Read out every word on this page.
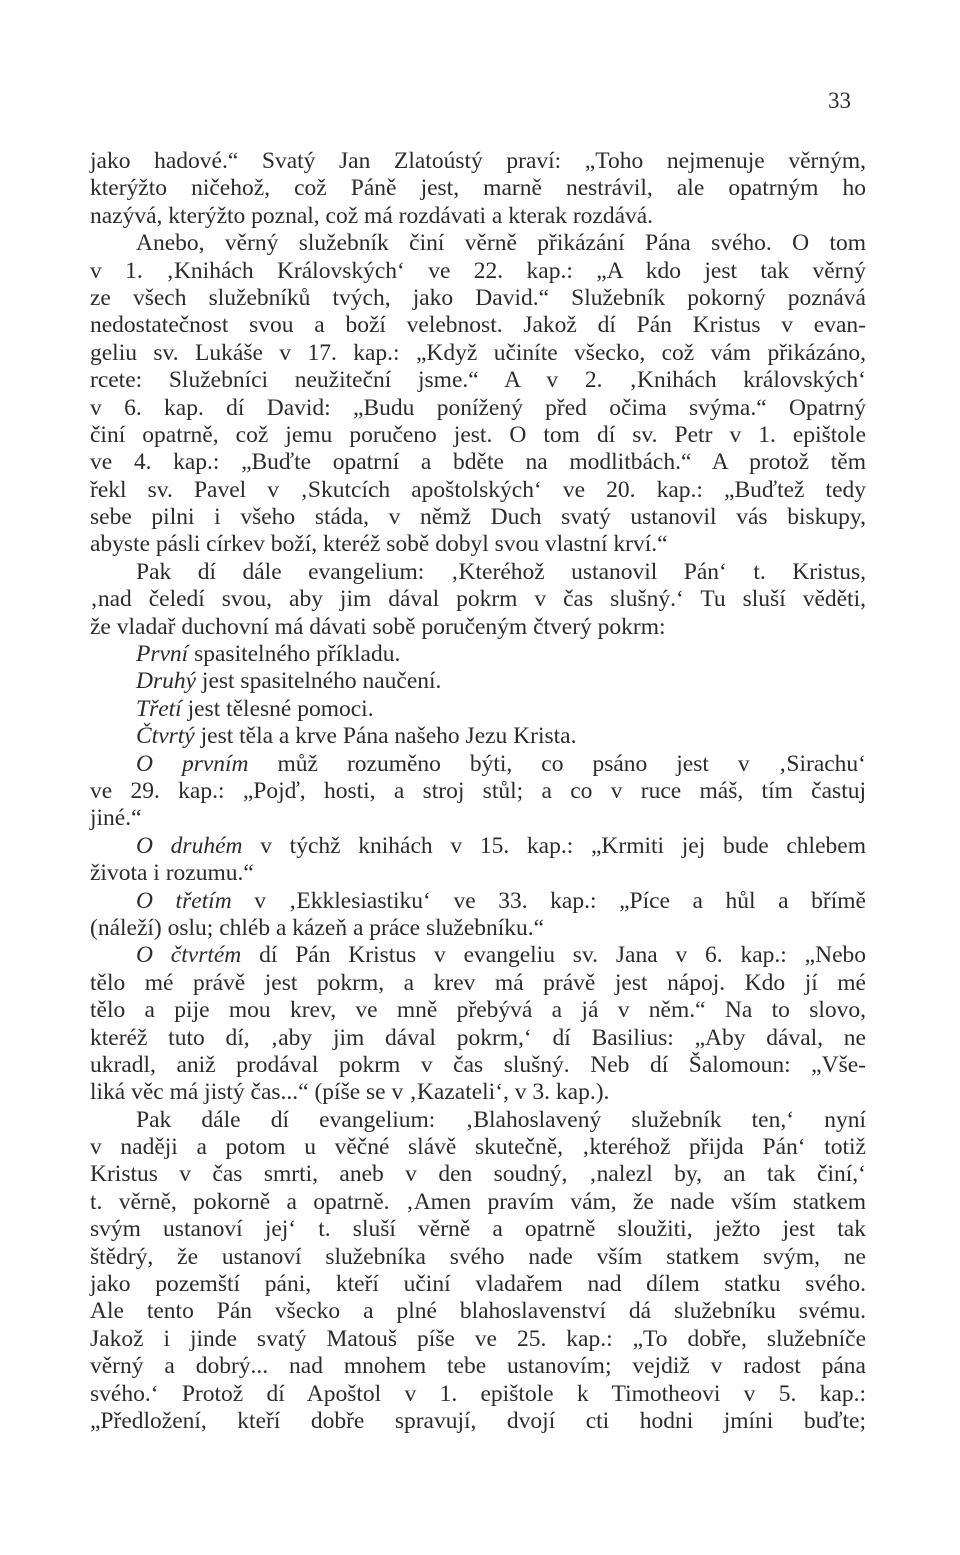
33
jako hadové.“ Svatý Jan Zlatoústý praví: „Toho nejmenuje věrným,
kterýžto ničehož, což Páně jest, marně nestrávil, ale opatrným ho
nazývá, kterýžto poznal, což má rozdávati a kterak rozdává.
Anebo, věrný služebník činí věrně přikázání Pána svého. O tom
v 1. ‚Knihách Královských‘ ve 22. kap.: „A kdo jest tak věrný
ze všech služebníků tvých, jako David.“ Služebník pokorný poznává
nedostatečnost svou a boží velebnost. Jakož dí Pán Kristus v evan-
geliu sv. Lukáše v 17. kap.: „Když učiníte všecko, což vám přikázáno,
rcete: Služebníci neužiteční jsme.“ A v 2. ‚Knihách královských‘
v 6. kap. dí David: „Budu ponížený před očima svýma.“ Opatrný
činí opatrně, což jemu poručeno jest. O tom dí sv. Petr v 1. epištole
ve 4. kap.: „Buďte opatrní a bděte na modlitbách.“ A protož těm
řekl sv. Pavel v ‚Skutcích apoštolských‘ ve 20. kap.: „Buďtež tedy
sebe pilni i všeho stáda, v němž Duch svatý ustanovil vás biskupy,
abyste pásli církev boží, kteréž sobě dobyl svou vlastní krví.“
Pak dí dále evangelium: ‚Kteréhož ustanovil Pán‘ t. Kristus,
‚nad čeledí svou, aby jim dával pokrm v čas slušný.‘ Tu sluší věděti,
že vladař duchovní má dávati sobě poručeným čtverý pokrm:
První spasitelného příkladu.
Druhý jest spasitelného naučení.
Třetí jest tělesné pomoci.
Čtvrtý jest těla a krve Pána našeho Jezu Krista.
O prvním můž rozuměno býti, co psáno jest v ‚Sirachu‘
ve 29. kap.: „Pojď, hosti, a stroj stůl; a co v ruce máš, tím častuj
jiné.“
O druhém v týchž knihách v 15. kap.: „Krmiti jej bude chlebem
života i rozumu.“
O třetím v ‚Ekklesiastiku‘ ve 33. kap.: „Píce a hůl a břímě
(náleží) oslu; chléb a kázeň a práce služebníku.“
O čtvrtém dí Pán Kristus v evangeliu sv. Jana v 6. kap.: „Nebo
tělo mé právě jest pokrm, a krev má právě jest nápoj. Kdo jí mé
tělo a pije mou krev, ve mně přebývá a já v něm.“ Na to slovo,
kteréž tuto dí, ‚aby jim dával pokrm,‘ dí Basilius: „Aby dával, ne
ukradl, aniž prodával pokrm v čas slušný. Neb dí Šalomoun: „Vše-
liká věc má jistý čas...“ (píše se v ‚Kazateli‘, v 3. kap.).
Pak dále dí evangelium: ‚Blahoslavený služebník ten,‘ nyní
v naději a potom u věčné slávě skutečně, ‚kteréhož přijda Pán‘ totiž
Kristus v čas smrti, aneb v den soudný, ‚nalezl by, an tak činí,‘
t. věrně, pokorně a opatrně. ‚Amen pravím vám, že nade vším statkem
svým ustanoví jej‘ t. sluší věrně a opatrně sloužiti, ježto jest tak
štědrý, že ustanoví služebníka svého nade vším statkem svým, ne
jako pozemští páni, kteří učiní vladařem nad dílem statku svého.
Ale tento Pán všecko a plné blahoslavenství dá služebníku svému.
Jakož i jinde svatý Matouš píše ve 25. kap.: „To dobře, služebníče
věrný a dobrý... nad mnohem tebe ustanovím; vejdiž v radost pána
svého.‘ Protož dí Apoštol v 1. epištole k Timotheovi v 5. kap.:
„Předložení, kteří dobře spravují, dvojí cti hodni jmíni buďte;
